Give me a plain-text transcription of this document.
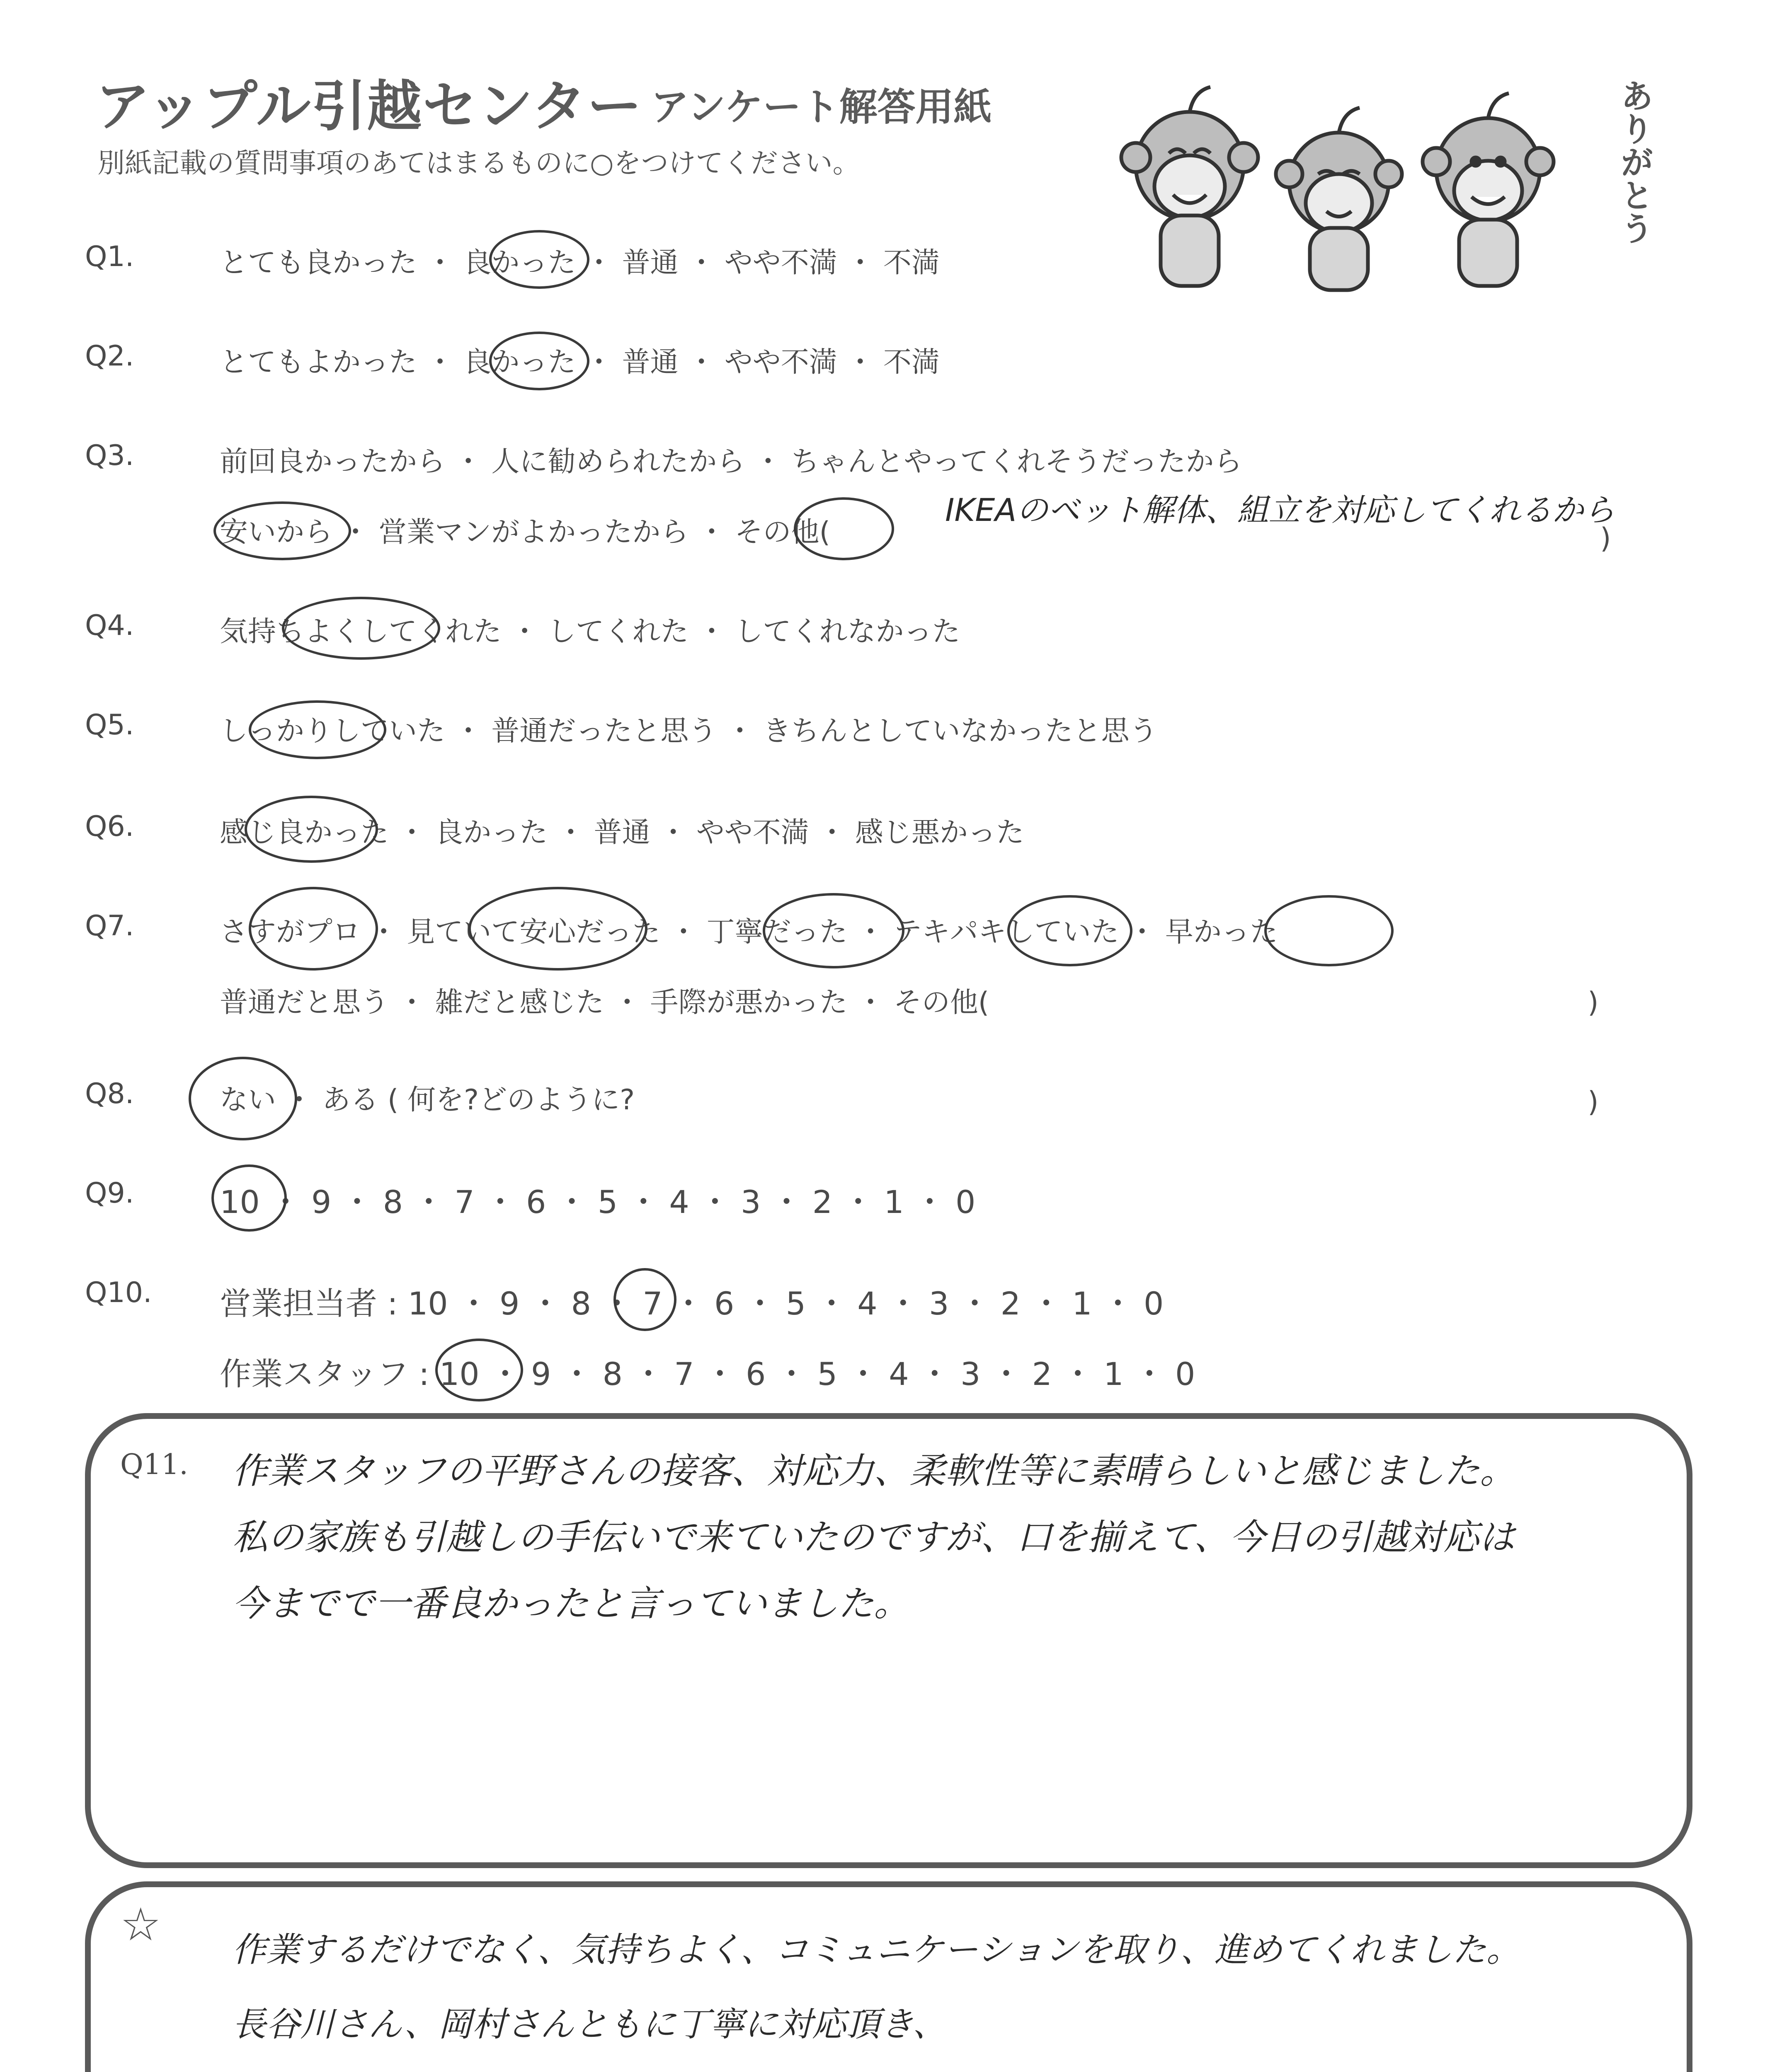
アップル引越センター アンケート解答用紙
別紙記載の質問事項のあてはまるものに○をつけてください。	ありがとう
Q1.	とても良かった ・ 良かった ・ 普通 ・ やや不満 ・ 不満
Q2.	とてもよかった ・ 良かった ・ 普通 ・ やや不満 ・ 不満
Q3.	前回良かったから ・ 人に勧められたから ・ ちゃんとやってくれそうだったから
安いから ・ 営業マンがよかったから ・ その他(	)
IKEAのベット解体、組立を対応してくれるから
Q4.	気持ちよくしてくれた ・ してくれた ・ してくれなかった
Q5.	しっかりしていた ・ 普通だったと思う ・ きちんとしていなかったと思う
Q6.	感じ良かった ・ 良かった ・ 普通 ・ やや不満 ・ 感じ悪かった
Q7.	さすがプロ ・ 見ていて安心だった ・ 丁寧だった ・ テキパキしていた ・ 早かった
普通だと思う ・ 雑だと感じた ・ 手際が悪かった ・ その他(	)
Q8.	ない ・ ある ( 何を?どのように?	)
Q9.	10 ・ 9 ・ 8 ・ 7 ・ 6 ・ 5 ・ 4 ・ 3 ・ 2 ・ 1 ・ 0
Q10. 営業担当者 : 10 ・ 9 ・ 8 ・ 7 ・ 6 ・ 5 ・ 4 ・ 3 ・ 2 ・ 1 ・ 0
作業スタッフ : 10 ・ 9 ・ 8 ・ 7 ・ 6 ・ 5 ・ 4 ・ 3 ・ 2 ・ 1 ・ 0
Q11. 作業スタッフの平野さんの接客、対応力、柔軟性等に素晴らしいと感じました。
私の家族も引越しの手伝いで来ていたのですが、口を揃えて、今日の引越対応は
今までで一番良かったと言っていました。
☆ 作業するだけでなく、気持ちよく、コミュニケーションを取り、進めてくれました。
長谷川さん、岡村さんともに丁寧に対応頂き、
